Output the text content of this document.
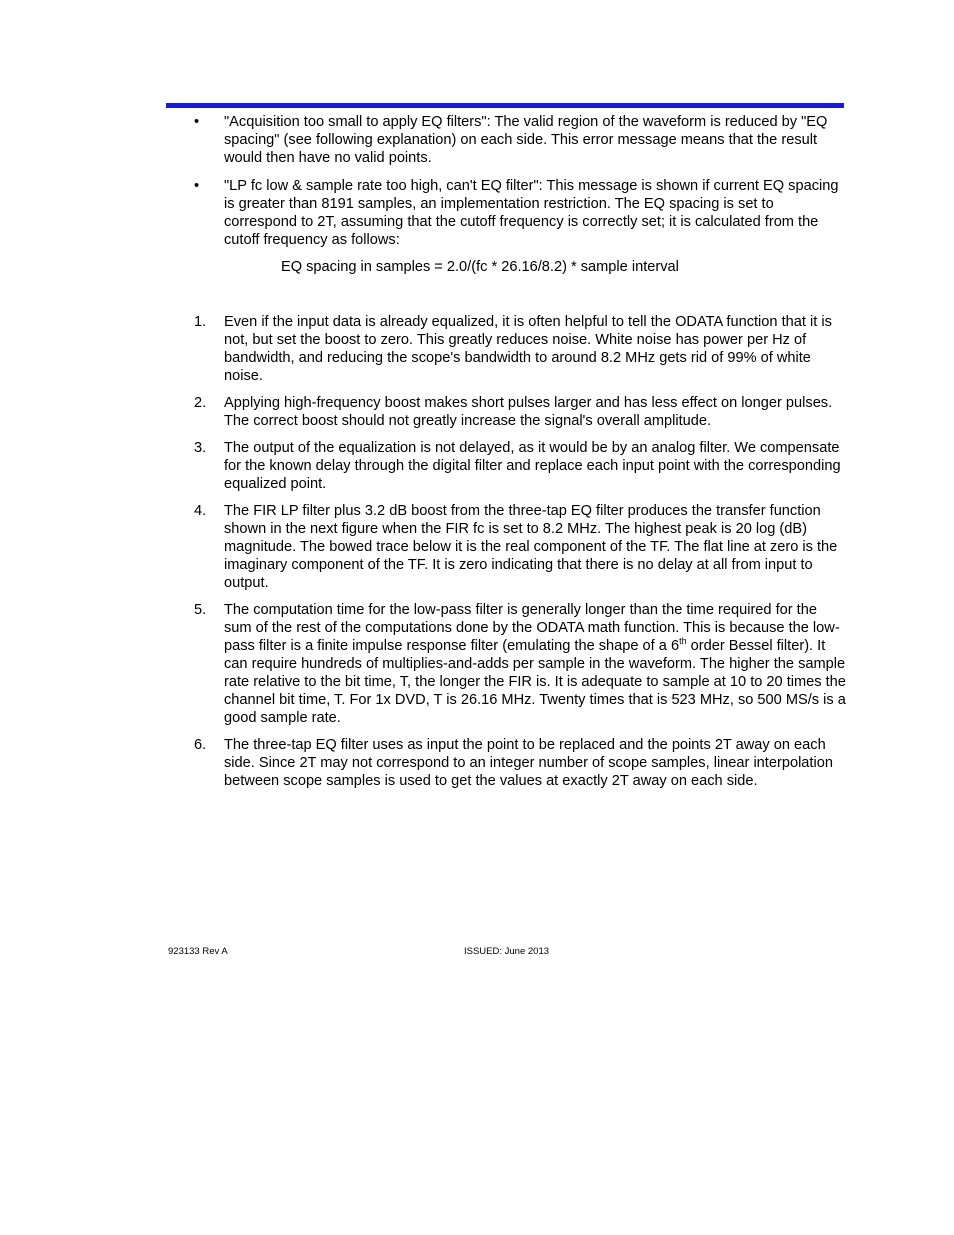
• "Acquisition too small to apply EQ filters": The valid region of the waveform is reduced by "EQ spacing" (see following explanation) on each side. This error message means that the result would then have no valid points.
• "LP fc low & sample rate too high, can't EQ filter": This message is shown if current EQ spacing is greater than 8191 samples, an implementation restriction. The EQ spacing is set to correspond to 2T, assuming that the cutoff frequency is correctly set; it is calculated from the cutoff frequency as follows:
EQ spacing in samples = 2.0/(fc * 26.16/8.2) * sample interval
1. Even if the input data is already equalized, it is often helpful to tell the ODATA function that it is not, but set the boost to zero. This greatly reduces noise. White noise has power per Hz of bandwidth, and reducing the scope's bandwidth to around 8.2 MHz gets rid of 99% of white noise.
2. Applying high-frequency boost makes short pulses larger and has less effect on longer pulses. The correct boost should not greatly increase the signal's overall amplitude.
3. The output of the equalization is not delayed, as it would be by an analog filter. We compensate for the known delay through the digital filter and replace each input point with the corresponding equalized point.
4. The FIR LP filter plus 3.2 dB boost from the three-tap EQ filter produces the transfer function shown in the next figure when the FIR fc is set to 8.2 MHz. The highest peak is 20 log (dB) magnitude. The bowed trace below it is the real component of the TF. The flat line at zero is the imaginary component of the TF. It is zero indicating that there is no delay at all from input to output.
5. The computation time for the low-pass filter is generally longer than the time required for the sum of the rest of the computations done by the ODATA math function. This is because the low-pass filter is a finite impulse response filter (emulating the shape of a 6th order Bessel filter). It can require hundreds of multiplies-and-adds per sample in the waveform. The higher the sample rate relative to the bit time, T, the longer the FIR is. It is adequate to sample at 10 to 20 times the channel bit time, T. For 1x DVD, T is 26.16 MHz. Twenty times that is 523 MHz, so 500 MS/s is a good sample rate.
6. The three-tap EQ filter uses as input the point to be replaced and the points 2T away on each side. Since 2T may not correspond to an integer number of scope samples, linear interpolation between scope samples is used to get the values at exactly 2T away on each side.
923133 Rev A	ISSUED: June 2013
